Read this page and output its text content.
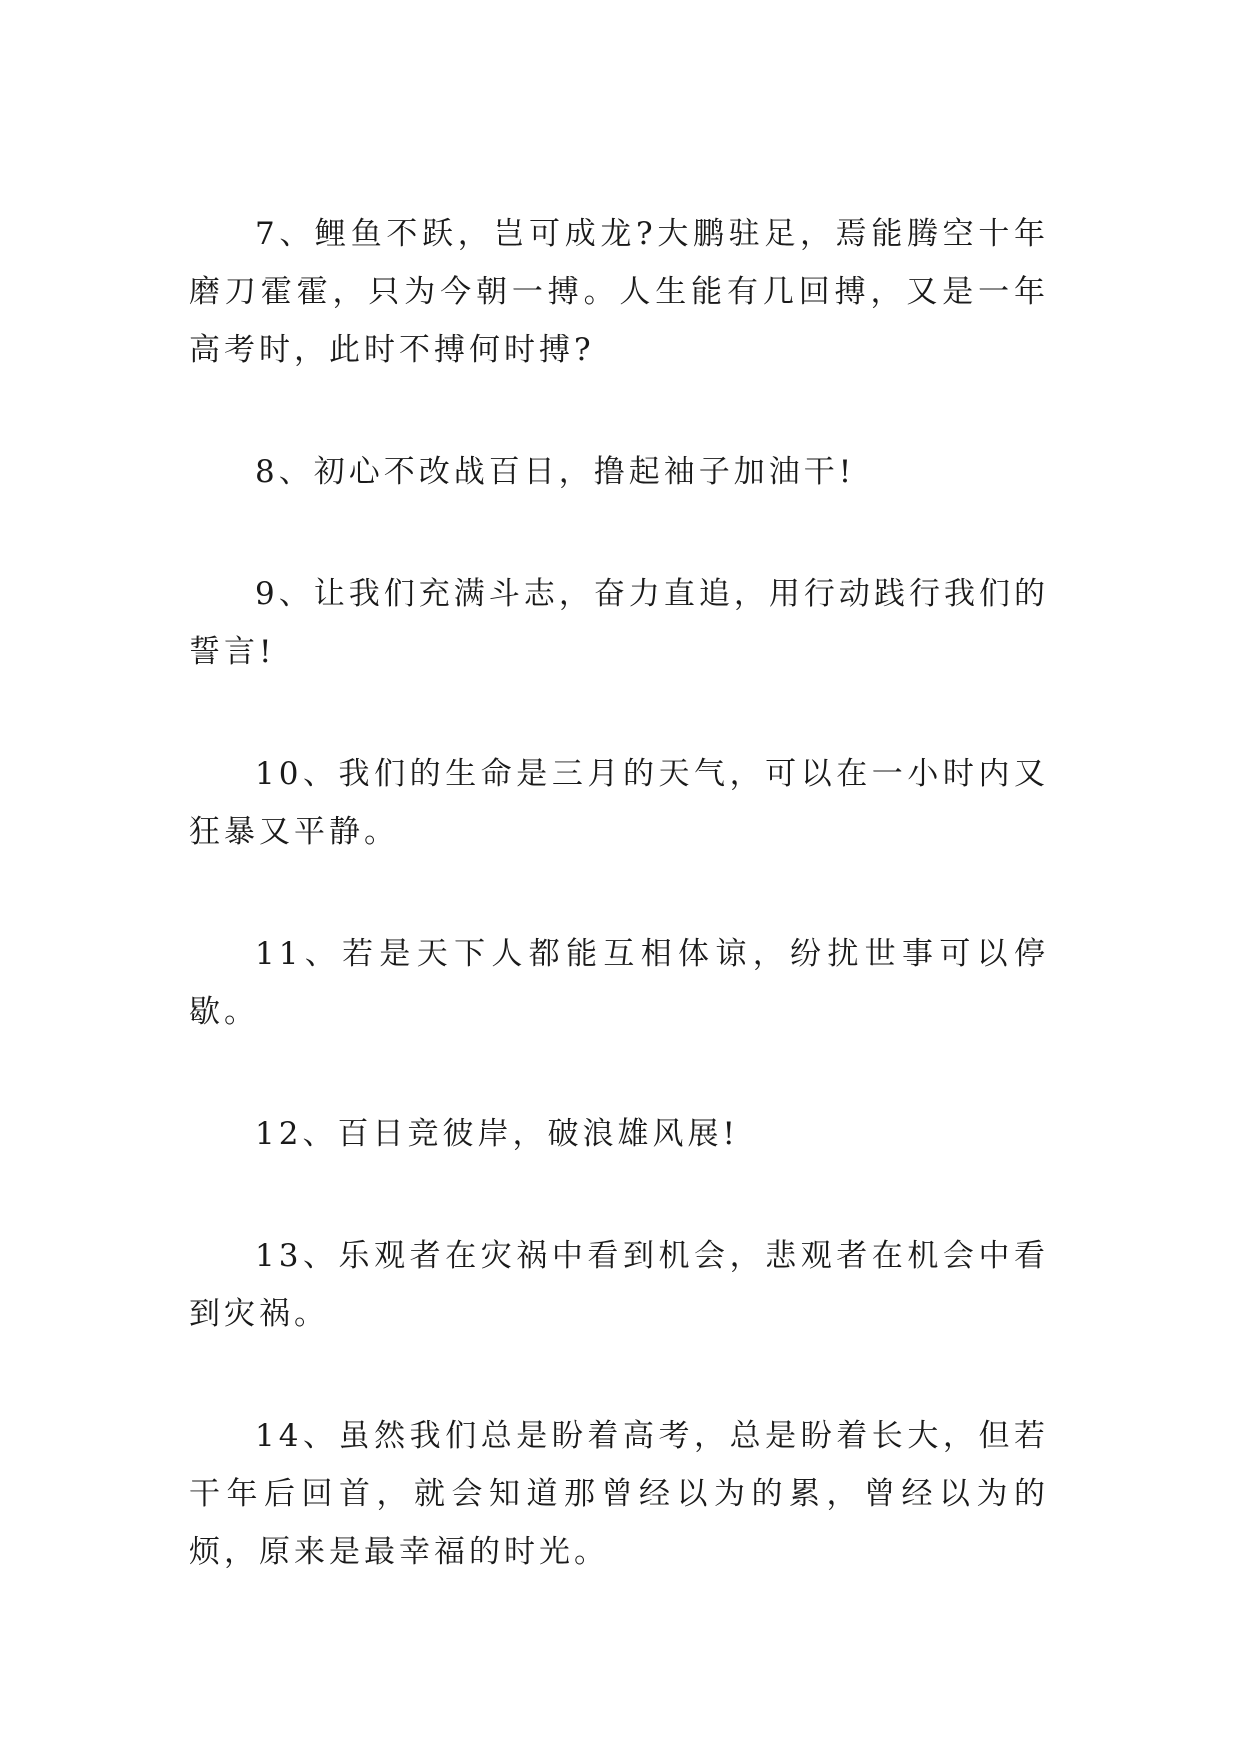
7、鲤鱼不跃，岂可成龙?大鹏驻足，焉能腾空十年磨刀霍霍，只为今朝一搏。人生能有几回搏，又是一年高考时，此时不搏何时搏?

8、初心不改战百日，撸起袖子加油干!

9、让我们充满斗志，奋力直追，用行动践行我们的誓言!

10、我们的生命是三月的天气，可以在一小时内又狂暴又平静。

11、若是天下人都能互相体谅，纷扰世事可以停歇。

12、百日竞彼岸，破浪雄风展!

13、乐观者在灾祸中看到机会，悲观者在机会中看到灾祸。

14、虽然我们总是盼着高考，总是盼着长大，但若干年后回首，就会知道那曾经以为的累，曾经以为的烦，原来是最幸福的时光。
